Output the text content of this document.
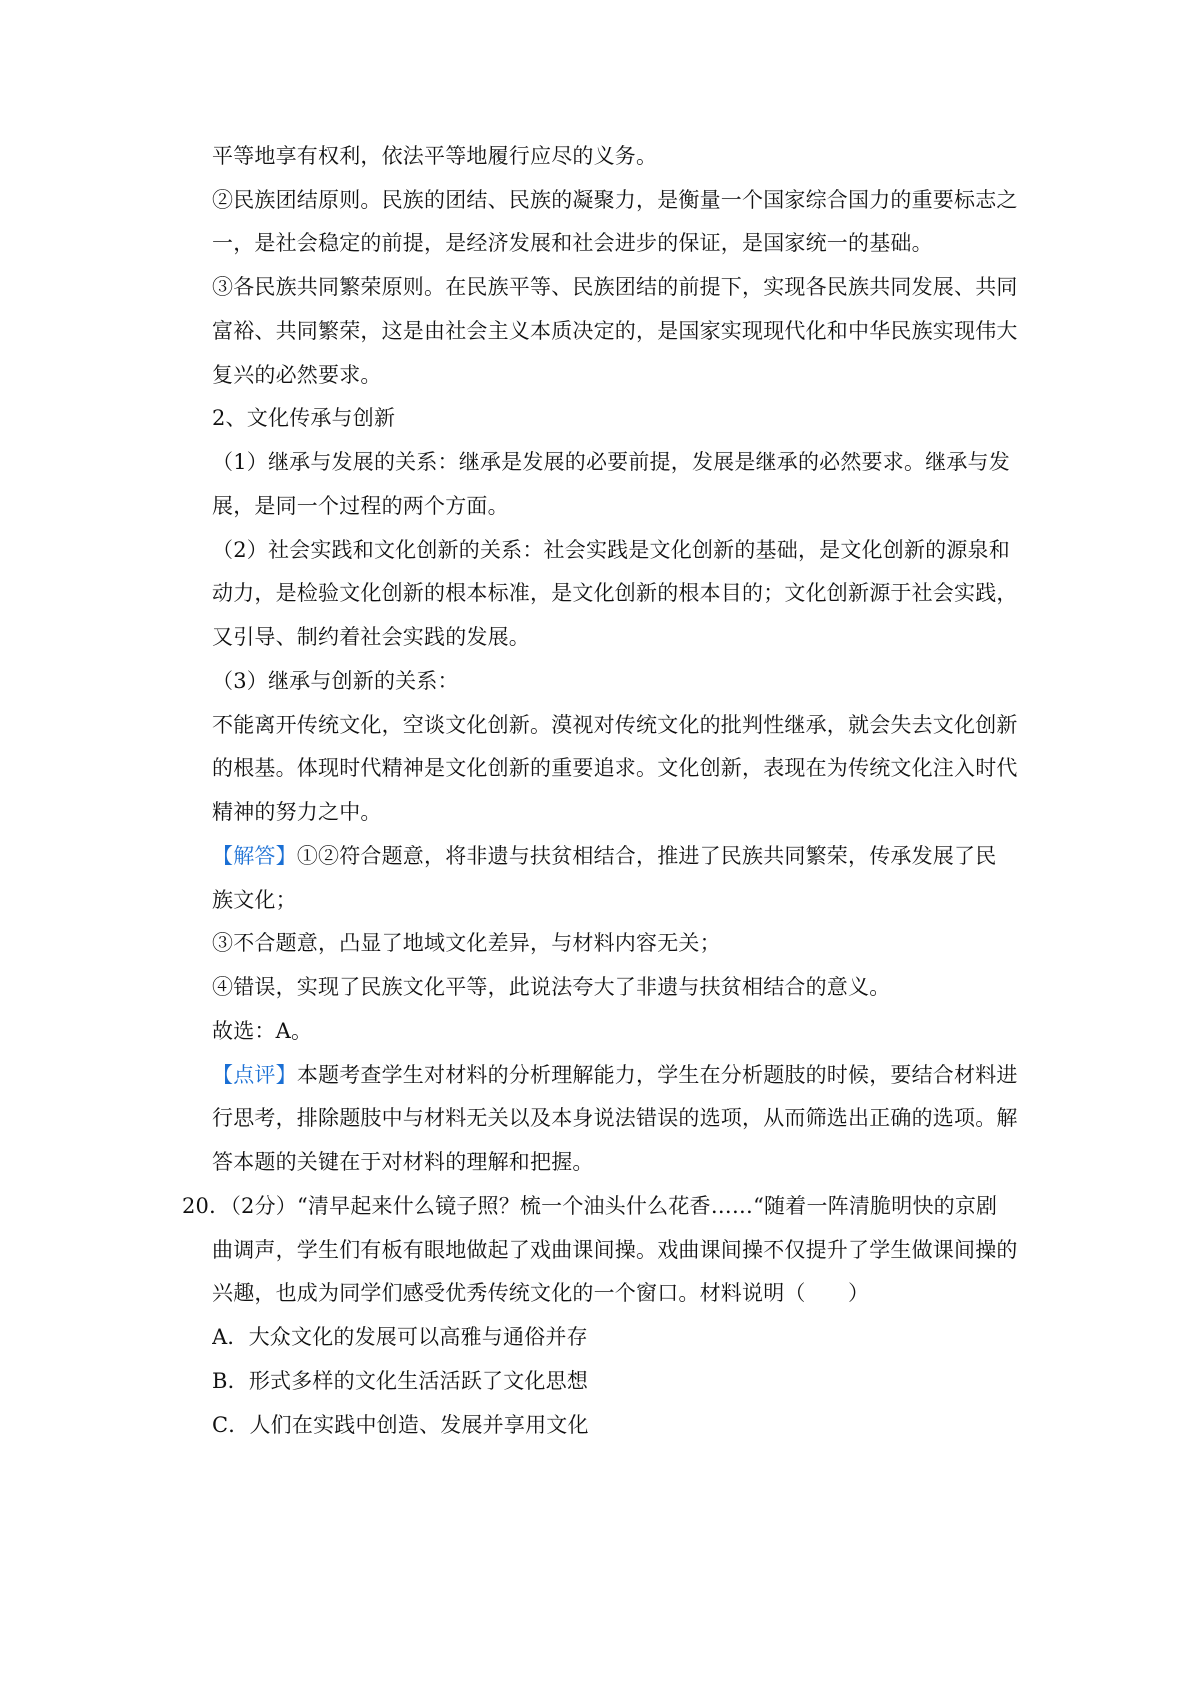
平等地享有权利，依法平等地履行应尽的义务。
②民族团结原则。民族的团结、民族的凝聚力，是衡量一个国家综合国力的重要标志之
一，是社会稳定的前提，是经济发展和社会进步的保证，是国家统一的基础。
③各民族共同繁荣原则。在民族平等、民族团结的前提下，实现各民族共同发展、共同
富裕、共同繁荣，这是由社会主义本质决定的，是国家实现现代化和中华民族实现伟大
复兴的必然要求。
2、文化传承与创新
（1）继承与发展的关系：继承是发展的必要前提，发展是继承的必然要求。继承与发
展，是同一个过程的两个方面。
（2）社会实践和文化创新的关系：社会实践是文化创新的基础，是文化创新的源泉和
动力，是检验文化创新的根本标准，是文化创新的根本目的；文化创新源于社会实践，
又引导、制约着社会实践的发展。
（3）继承与创新的关系：
不能离开传统文化，空谈文化创新。漠视对传统文化的批判性继承，就会失去文化创新
的根基。体现时代精神是文化创新的重要追求。文化创新，表现在为传统文化注入时代
精神的努力之中。
【解答】①②符合题意，将非遗与扶贫相结合，推进了民族共同繁荣，传承发展了民
族文化；
③不合题意，凸显了地域文化差异，与材料内容无关；
④错误，实现了民族文化平等，此说法夸大了非遗与扶贫相结合的意义。
故选：A。
【点评】本题考查学生对材料的分析理解能力，学生在分析题肢的时候，要结合材料进
行思考，排除题肢中与材料无关以及本身说法错误的选项，从而筛选出正确的选项。解
答本题的关键在于对材料的理解和把握。
20．（2分）“清早起来什么镜子照？梳一个油头什么花香……“随着一阵清脆明快的京剧
曲调声，学生们有板有眼地做起了戏曲课间操。戏曲课间操不仅提升了学生做课间操的
兴趣，也成为同学们感受优秀传统文化的一个窗口。材料说明（　　）
A．大众文化的发展可以高雅与通俗并存
B．形式多样的文化生活活跃了文化思想
C．人们在实践中创造、发展并享用文化
